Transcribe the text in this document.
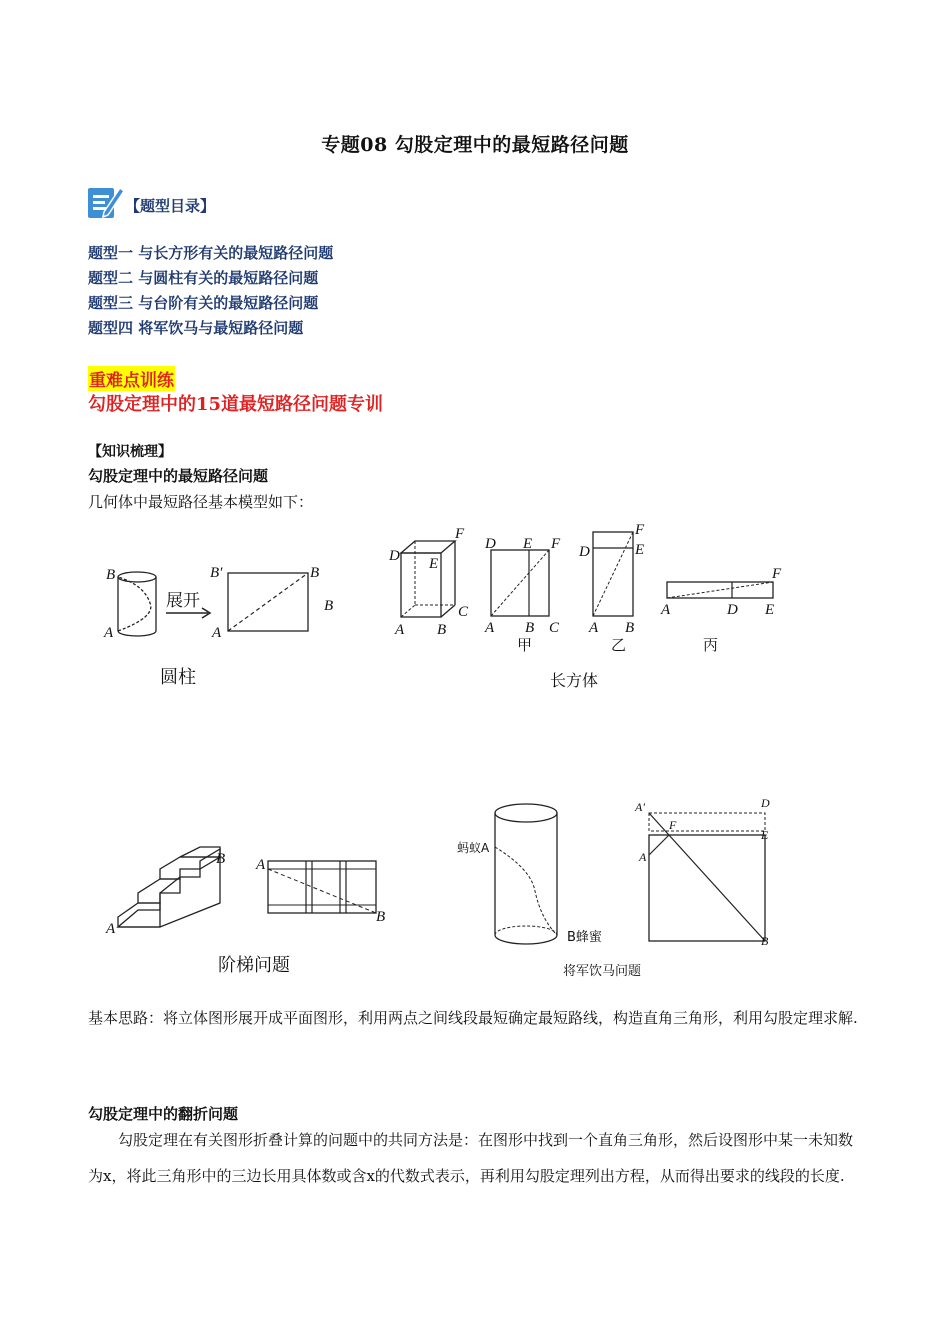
专题08 勾股定理中的最短路径问题
【题型目录】
题型一 与长方形有关的最短路径问题
题型二 与圆柱有关的最短路径问题
题型三 与台阶有关的最短路径问题
题型四 将军饮马与最短路径问题
重难点训练
勾股定理中的15道最短路径问题专训
【知识梳理】
勾股定理中的最短路径问题
几何体中最短路径基本模型如下：
B
A
展开
B′	B
A
B
圆柱
F
D E
A B
C
D E F
A B C
甲
F
D	E
A B
乙
F
A	D E
丙
长方体
B
A
A
B
阶梯问题
蚂蚁A
B蜂蜜
A′	D
F
E
A
B
将军饮马问题
基本思路：将立体图形展开成平面图形，利用两点之间线段最短确定最短路线，构造直角三角形，利用勾股定理求解.
勾股定理中的翻折问题
勾股定理在有关图形折叠计算的问题中的共同方法是：在图形中找到一个直角三角形，然后设图形中某一未知数为x，将此三角形中的三边长用具体数或含x的代数式表示，再利用勾股定理列出方程，从而得出要求的线段的长度.
